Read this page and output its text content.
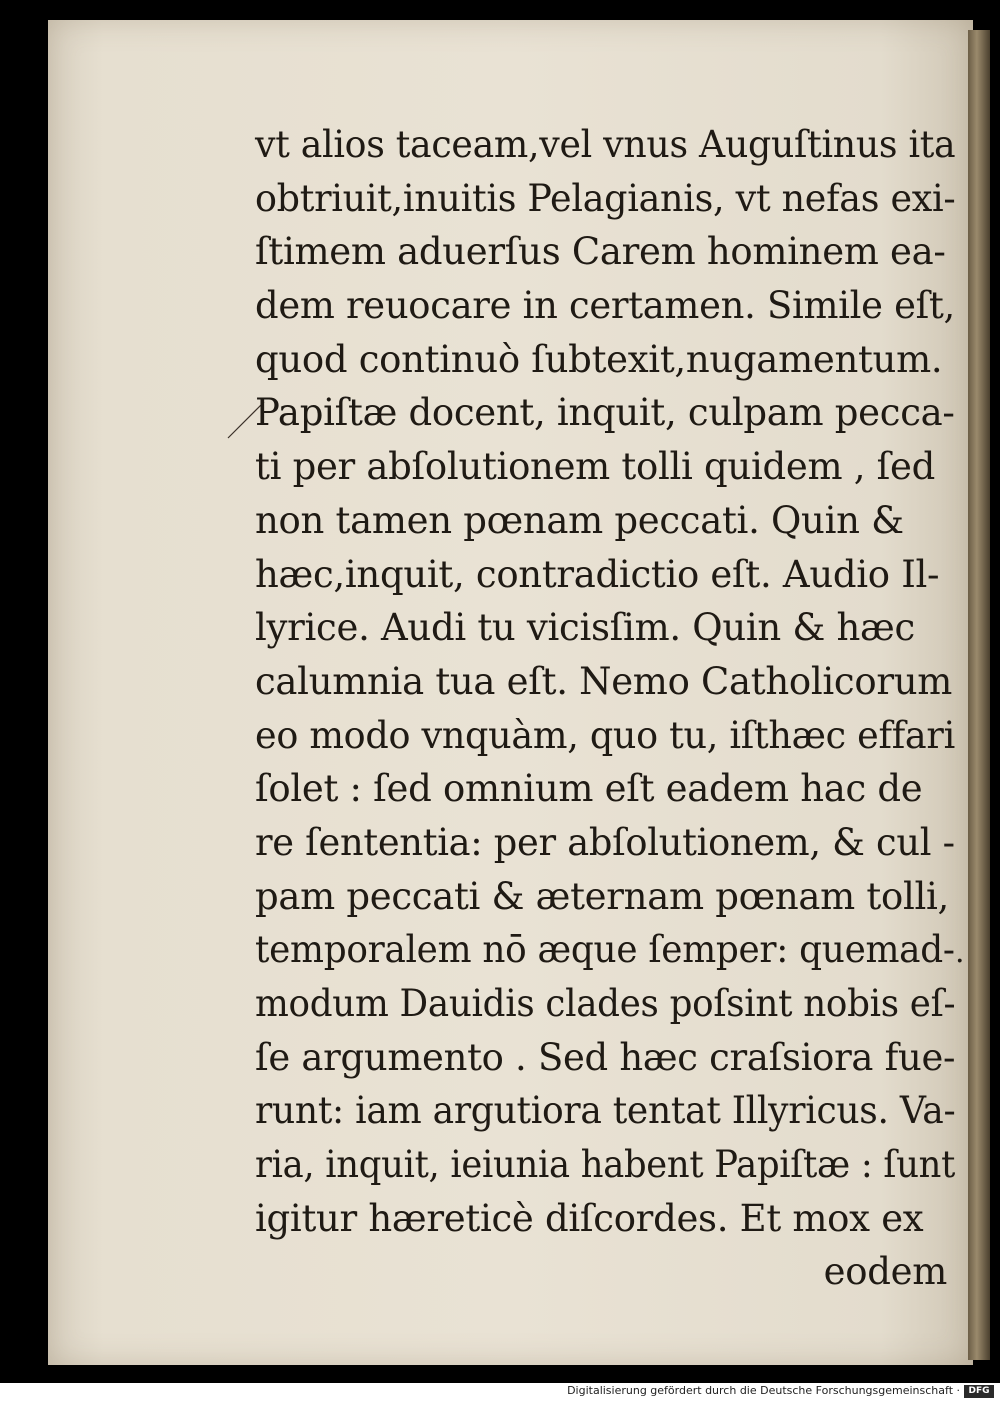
vt alios taceam,vel vnus Auguſtinus ita
obtriuit,inuitis Pelagianis, vt nefas exi-
ſtimem aduerſus Carem hominem ea-
dem reuocare in certamen. Simile eſt,
quod continuò ſubtexit,nugamentum.
Papiſtæ docent, inquit, culpam pecca-
ti per abſolutionem tolli quidem , ſed
non tamen pœnam peccati. Quin &
hæc,inquit, contradictio eſt. Audio Il-
lyrice. Audi tu vicisſim. Quin & hæc
calumnia tua eſt. Nemo Catholicorum
eo modo vnquàm, quo tu, iſthæc effari
ſolet : ſed omnium eſt eadem hac de
re ſententia: per abſolutionem, & cul -
pam peccati & æternam pœnam tolli,
temporalem nō æque ſemper: quemad-
modum Dauidis clades poſsint nobis eſ-
ſe argumento . Sed hæc craſsiora fue-
runt: iam argutiora tentat Illyricus. Va-
ria, inquit, ieiunia habent Papiſtæ : ſunt
igitur hæreticè diſcordes. Et mox ex
eodem
.
Digitalisierung gefördert durch die Deutsche Forschungsgemeinschaft · DFG
